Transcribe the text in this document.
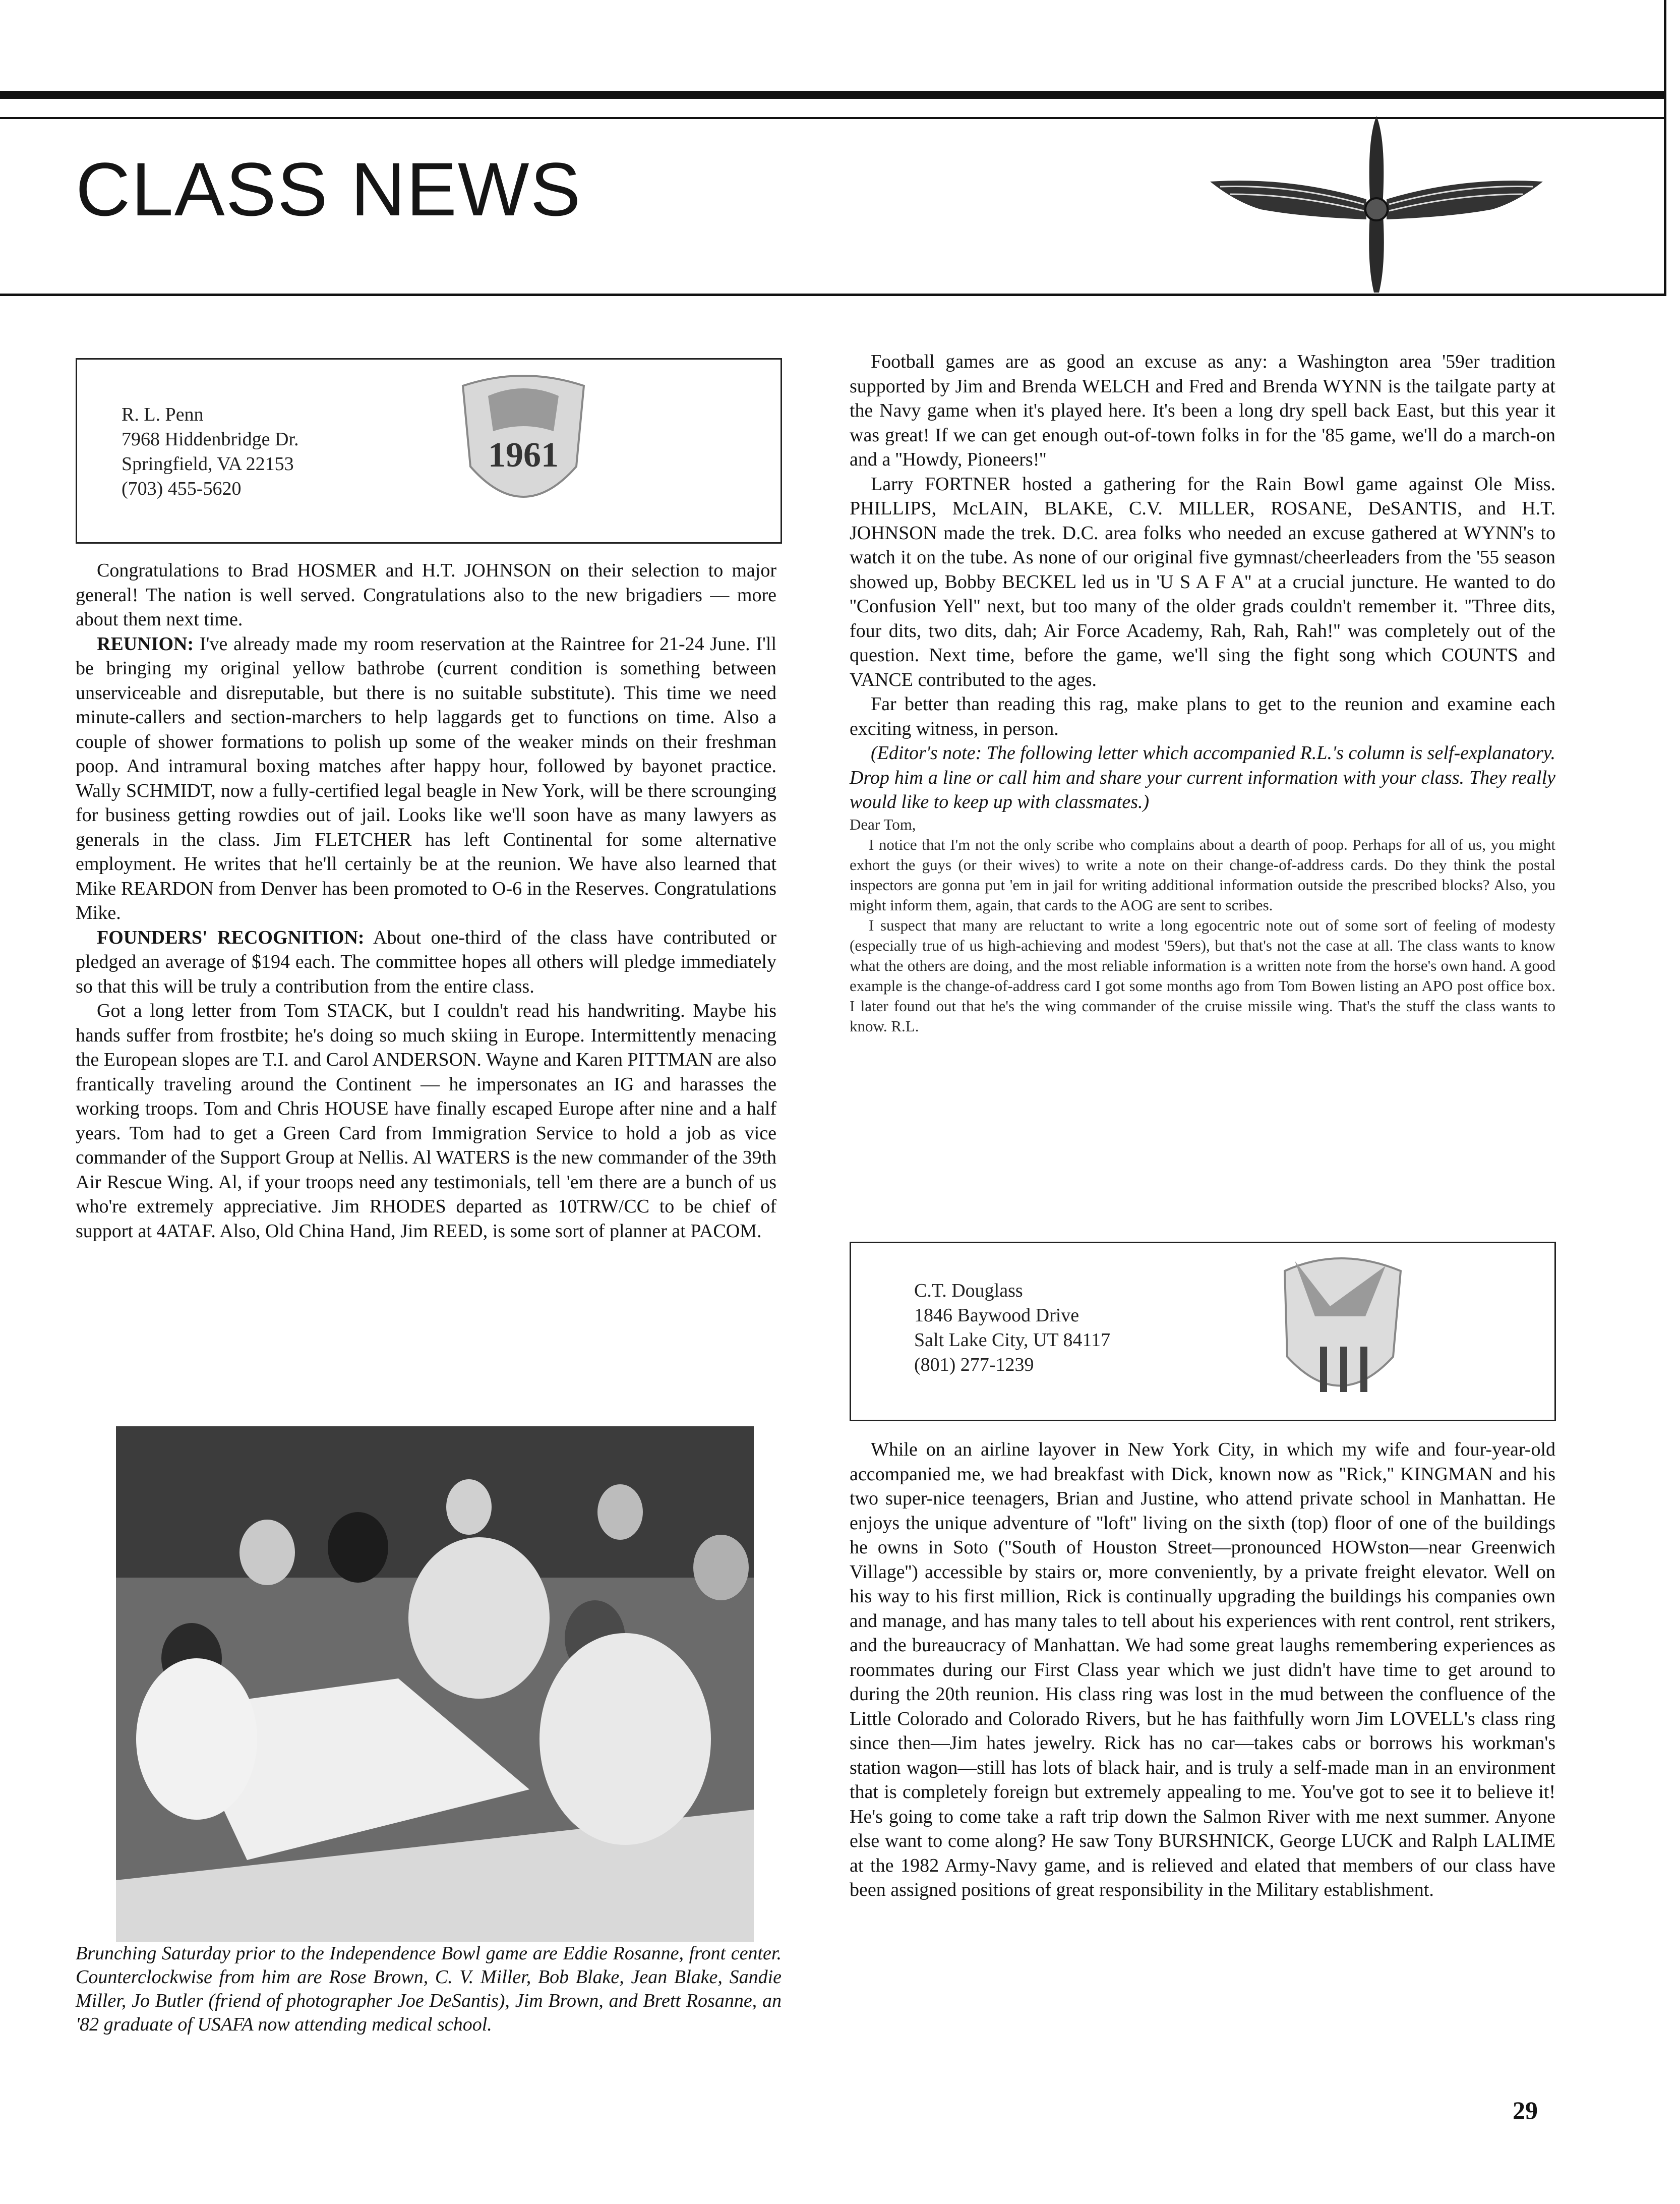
CLASS NEWS
R. L. Penn
7968 Hiddenbridge Dr.
Springfield, VA 22153
(703) 455-5620
1961

Congratulations to Brad HOSMER and H.T. JOHNSON on their selection to major general! The nation is well served. Congratulations also to the new brigadiers — more about them next time.

REUNION: I've already made my room reservation at the Raintree for 21-24 June. I'll be bringing my original yellow bathrobe (current condition is something between unserviceable and disreputable, but there is no suitable substitute). This time we need minute-callers and section-marchers to help laggards get to functions on time. Also a couple of shower formations to polish up some of the weaker minds on their freshman poop. And intramural boxing matches after happy hour, followed by bayonet practice. Wally SCHMIDT, now a fully-certified legal beagle in New York, will be there scrounging for business getting rowdies out of jail. Looks like we'll soon have as many lawyers as generals in the class. Jim FLETCHER has left Continental for some alternative employment. He writes that he'll certainly be at the reunion. We have also learned that Mike REARDON from Denver has been promoted to O-6 in the Reserves. Congratulations Mike.

FOUNDERS' RECOGNITION: About one-third of the class have contributed or pledged an average of $194 each. The committee hopes all others will pledge immediately so that this will be truly a contribution from the entire class.

Got a long letter from Tom STACK, but I couldn't read his handwriting. Maybe his hands suffer from frostbite; he's doing so much skiing in Europe. Intermittently menacing the European slopes are T.I. and Carol ANDERSON. Wayne and Karen PITTMAN are also frantically traveling around the Continent — he impersonates an IG and harasses the working troops. Tom and Chris HOUSE have finally escaped Europe after nine and a half years. Tom had to get a Green Card from Immigration Service to hold a job as vice commander of the Support Group at Nellis. Al WATERS is the new commander of the 39th Air Rescue Wing. Al, if your troops need any testimonials, tell 'em there are a bunch of us who're extremely appreciative. Jim RHODES departed as 10TRW/CC to be chief of support at 4ATAF. Also, Old China Hand, Jim REED, is some sort of planner at PACOM.

Brunching Saturday prior to the Independence Bowl game are Eddie Rosanne, front center. Counterclockwise from him are Rose Brown, C. V. Miller, Bob Blake, Jean Blake, Sandie Miller, Jo Butler (friend of photographer Joe DeSantis), Jim Brown, and Brett Rosanne, an '82 graduate of USAFA now attending medical school.

Football games are as good an excuse as any: a Washington area '59er tradition supported by Jim and Brenda WELCH and Fred and Brenda WYNN is the tailgate party at the Navy game when it's played here. It's been a long dry spell back East, but this year it was great! If we can get enough out-of-town folks in for the '85 game, we'll do a march-on and a ''Howdy, Pioneers!''

Larry FORTNER hosted a gathering for the Rain Bowl game against Ole Miss. PHILLIPS, McLAIN, BLAKE, C.V. MILLER, ROSANE, DeSANTIS, and H.T. JOHNSON made the trek. D.C. area folks who needed an excuse gathered at WYNN's to watch it on the tube. As none of our original five gymnast/cheerleaders from the '55 season showed up, Bobby BECKEL led us in 'U S A F A'' at a crucial juncture. He wanted to do ''Confusion Yell'' next, but too many of the older grads couldn't remember it. ''Three dits, four dits, two dits, dah; Air Force Academy, Rah, Rah, Rah!'' was completely out of the question. Next time, before the game, we'll sing the fight song which COUNTS and VANCE contributed to the ages.

Far better than reading this rag, make plans to get to the reunion and examine each exciting witness, in person.

(Editor's note: The following letter which accompanied R.L.'s column is self-explanatory. Drop him a line or call him and share your current information with your class. They really would like to keep up with classmates.)

Dear Tom,

I notice that I'm not the only scribe who complains about a dearth of poop. Perhaps for all of us, you might exhort the guys (or their wives) to write a note on their change-of-address cards. Do they think the postal inspectors are gonna put 'em in jail for writing additional information outside the prescribed blocks? Also, you might inform them, again, that cards to the AOG are sent to scribes.

I suspect that many are reluctant to write a long egocentric note out of some sort of feeling of modesty (especially true of us high-achieving and modest '59ers), but that's not the case at all. The class wants to know what the others are doing, and the most reliable information is a written note from the horse's own hand. A good example is the change-of-address card I got some months ago from Tom Bowen listing an APO post office box. I later found out that he's the wing commander of the cruise missile wing. That's the stuff the class wants to know. R.L.

C.T. Douglass
1846 Baywood Drive
Salt Lake City, UT 84117
(801) 277-1239

While on an airline layover in New York City, in which my wife and four-year-old accompanied me, we had breakfast with Dick, known now as ''Rick,'' KINGMAN and his two super-nice teenagers, Brian and Justine, who attend private school in Manhattan. He enjoys the unique adventure of ''loft'' living on the sixth (top) floor of one of the buildings he owns in Soto (''South of Houston Street—pronounced HOWston—near Greenwich Village'') accessible by stairs or, more conveniently, by a private freight elevator. Well on his way to his first million, Rick is continually upgrading the buildings his companies own and manage, and has many tales to tell about his experiences with rent control, rent strikers, and the bureaucracy of Manhattan. We had some great laughs remembering experiences as roommates during our First Class year which we just didn't have time to get around to during the 20th reunion. His class ring was lost in the mud between the confluence of the Little Colorado and Colorado Rivers, but he has faithfully worn Jim LOVELL's class ring since then—Jim hates jewelry. Rick has no car—takes cabs or borrows his workman's station wagon—still has lots of black hair, and is truly a self-made man in an environment that is completely foreign but extremely appealing to me. You've got to see it to believe it! He's going to come take a raft trip down the Salmon River with me next summer. Anyone else want to come along? He saw Tony BURSHNICK, George LUCK and Ralph LALIME at the 1982 Army-Navy game, and is relieved and elated that members of our class have been assigned positions of great responsibility in the Military establishment.

29
